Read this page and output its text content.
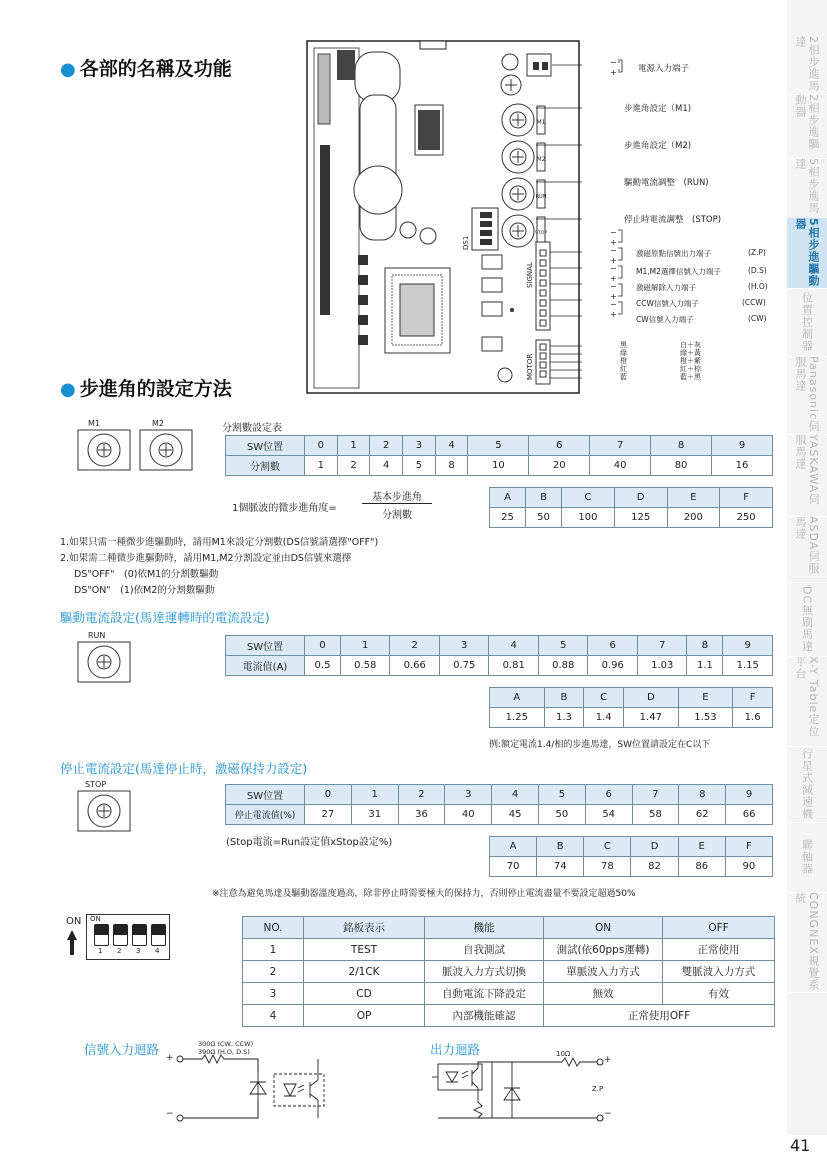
● 各部的名稱及功能
● 步進角的設定方法
M1
M2
RUN
STOP
DS1
SIGNAL
MOTOR
−
+
−
+
−
+
−
+
−
+
−
+
電源入力端子
步進角設定（M1)
步進角設定（M2)
驅動電流調整　(RUN)
停止時電流調整　(STOP)
激磁原點信號出力端子	(Z.P)
M1,M2選擇信號入力端子	(D.S)
激磁解除入力端子	(H.O)
CCW信號入力端子	(CCW)
CW信號入力端子	(CW)
黑
綠
橙
紅
藍
白＋灰
綠＋黃
橙＋紫
紅＋棕
藍＋黑
M1	M2	分割數設定表
SW位置	0	1	2	3	4	5	6	7	8	9
分割數	1	2	4	5	8	10	20	40	80	16
A	B	C	D	E	F
25	50	100	125	200	250
1個脈波的微步進角度=
基本步進角
分割數
1.如果只需一種微步進驅動時，請用M1來設定分割數(DS信號請選擇"OFF")
2.如果需二種微步進驅動時，請用M1,M2分割設定並由DS信號來選擇
DS"OFF"　(0)依M1的分割數驅動
DS"ON"　(1)依M2的分割數驅動
驅動電流設定(馬達運轉時的電流設定)
RUN
SW位置	0	1	2	3	4	5	6	7	8	9
電流值(A)	0.5	0.58	0.66	0.75	0.81	0.88	0.96	1.03	1.1	1.15
A	B	C	D	E	F
1.25	1.3	1.4	1.47	1.53	1.6
例:額定電流1.4/相的步進馬達，SW位置請設定在C以下
停止電流設定(馬達停止時，激磁保持力設定)
STOP
SW位置	0	1	2	3	4	5	6	7	8	9
停止電流值(%)	27	31	36	40	45	50	54	58	62	66
(Stop電流=Run設定值xStop設定%)	A	B	C	D	E	F
70	74	78	82	86	90
※注意為避免馬達及驅動器溫度過高，除非停止時需要極大的保持力，否則停止電流盡量不要設定超過50%
ON ON
1 2 3 4
NO.	銘板表示	機能	ON	OFF
1	TEST	自我測試	測試(依60pps運轉)	正常使用
2	2/1CK	脈波入力方式切換	單脈波入力方式	雙脈波入力方式
3	CD	自動電流下降設定	無效	有效
4	OP	內部機能確認	正常使用OFF	
信號入力迴路	300Ω (CW, CCW)
390Ω (H.O, D.S)
+
−
出力迴路	10Ω
+
−
Z.P
2相步進馬達
2相步進驅動器
5相步進馬達
5相步進驅動器
位置控制器
Panasonic伺服馬達
YASKAWA伺服馬達
ASDA伺服馬達
DC無刷馬達
X-Y Table定位平台
行星式減速機
聯軸器
CONGNEX視覺系統
41
